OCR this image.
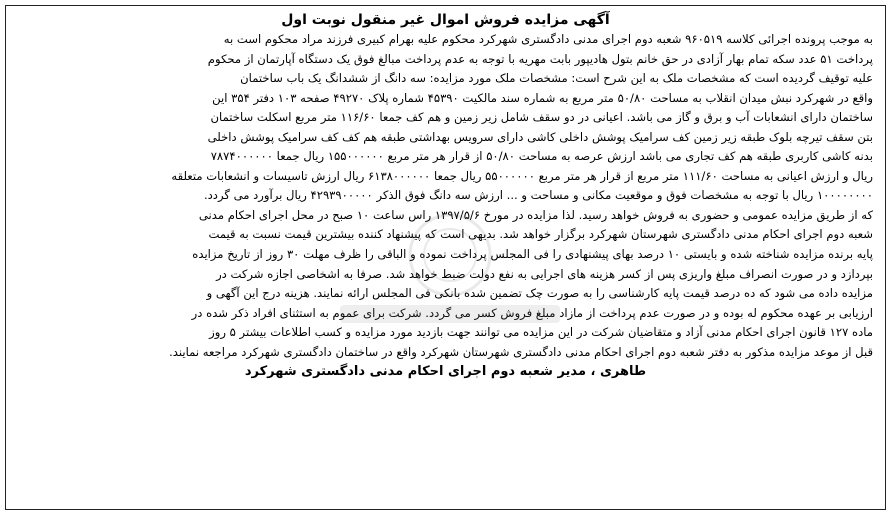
آگهی مزایده فروش اموال غیر منقول نوبت اول
به موجب پرونده اجرائی کلاسه ۹۶۰۵۱۹ شعبه دوم اجرای مدنی دادگستری شهرکرد محکوم علیه بهرام کبیری فرزند مراد محکوم است به
پرداخت ۵۱ عدد سکه تمام بهار آزادی در حق خانم بتول هادیپور بابت مهریه با توجه به عدم پرداخت مبالغ فوق یک دستگاه آپارتمان از محکوم
علیه توقیف گردیده است که مشخصات ملک به این شرح است: مشخصات ملک مورد مزایده: سه دانگ از ششدانگ یک باب ساختمان
واقع در شهرکرد نبش میدان انقلاب به مساحت ۵۰/۸۰ متر مربع به شماره سند مالکیت ۴۵۳۹۰ شماره پلاک ۴۹۲۷۰ صفحه ۱۰۳ دفتر ۳۵۴ این
ساختمان دارای انشعابات آب و برق و گاز می باشد. اعیانی در دو سقف شامل زیر زمین و هم کف جمعا ۱۱۶/۶۰ متر مربع اسکلت ساختمان
بتن سقف تیرچه بلوک طبقه زیر زمین کف سرامیک پوشش داخلی کاشی دارای سرویس بهداشتی طبقه هم کف کف سرامیک پوشش داخلی
بدنه کاشی کاربری طبقه هم کف تجاری می باشد ارزش عرصه به مساحت ۵۰/۸۰ از قرار هر متر مربع ۱۵۵۰۰۰۰۰۰ ریال جمعا ۷۸۷۴۰۰۰۰۰۰
ریال و ارزش اعیانی به مساحت ۱۱۱/۶۰ متر مربع از قرار هر متر مربع ۵۵۰۰۰۰۰۰ ریال جمعا ۶۱۳۸۰۰۰۰۰۰ ریال ارزش تاسیسات و انشعابات متعلقه
۱۰۰۰۰۰۰۰۰ ریال با توجه به مشخصات فوق و موقعیت مکانی و مساحت و ... ارزش سه دانگ فوق الذکر ۴۲۹۳۹۰۰۰۰۰ ریال برآورد می گردد.
که از طریق مزایده عمومی و حضوری به فروش خواهد رسید. لذا مزایده در مورخ ۱۳۹۷/۵/۶ راس ساعت ۱۰ صبح در محل اجرای احکام مدنی
شعبه دوم اجرای احکام مدنی دادگستری شهرستان شهرکرد برگزار خواهد شد. بدیهی است که پیشنهاد کننده بیشترین قیمت نسبت به قیمت
پایه برنده مزایده شناخته شده و بایستی ۱۰ درصد بهای پیشنهادی را فی المجلس پرداخت نموده و الباقی را ظرف مهلت ۳۰ روز از تاریخ مزایده
بپردازد و در صورت انصراف مبلغ واریزی پس از کسر هزینه های اجرایی به نفع دولت ضبط خواهد شد. صرفا به اشخاصی اجازه شرکت در
مزایده داده می شود که ده درصد قیمت پایه کارشناسی را به صورت چک تضمین شده بانکی فی المجلس ارائه نمایند. هزینه درج این آگهی و
ارزیابی بر عهده محکوم له بوده و در صورت عدم پرداخت از مازاد مبلغ فروش کسر می گردد. شرکت برای عموم به استثنای افراد ذکر شده در
ماده ۱۲۷ قانون اجرای احکام مدنی آزاد و متقاضیان شرکت در این مزایده می توانند جهت بازدید مورد مزایده و کسب اطلاعات بیشتر ۵ روز
قبل از موعد مزایده مذکور به دفتر شعبه دوم اجرای احکام مدنی دادگستری شهرستان شهرکرد واقع در ساختمان دادگستری شهرکرد مراجعه نمایند.
طاهری ، مدیر شعبه دوم اجرای احکام مدنی دادگستری شهرکرد
